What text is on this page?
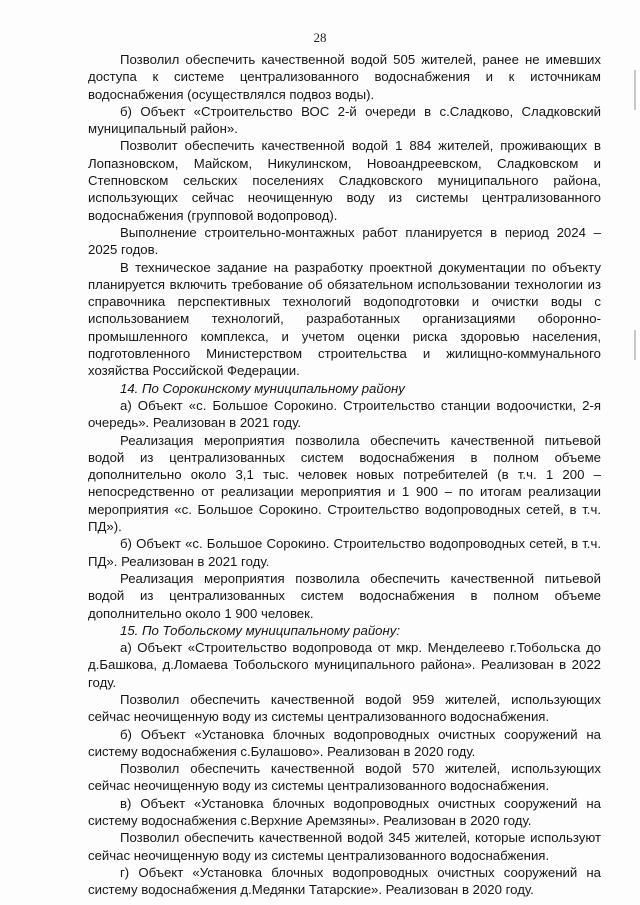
28

Позволил обеспечить качественной водой 505 жителей, ранее не имевших доступа к системе централизованного водоснабжения и к источникам водоснабжения (осуществлялся подвоз воды).

б) Объект «Строительство ВОС 2-й очереди в с.Сладково, Сладковский муниципальный район».

Позволит обеспечить качественной водой 1 884 жителей, проживающих в Лопазновском, Майском, Никулинском, Новоандреевском, Сладковском и Степновском сельских поселениях Сладковского муниципального района, использующих сейчас неочищенную воду из системы централизованного водоснабжения (групповой водопровод).

Выполнение строительно-монтажных работ планируется в период 2024 – 2025 годов.

В техническое задание на разработку проектной документации по объекту планируется включить требование об обязательном использовании технологии из справочника перспективных технологий водоподготовки и очистки воды с использованием технологий, разработанных организациями оборонно-промышленного комплекса, и учетом оценки риска здоровью населения, подготовленного Министерством строительства и жилищно-коммунального хозяйства Российской Федерации.

14. По Сорокинскому муниципальному району

а) Объект «с. Большое Сорокино. Строительство станции водоочистки, 2-я очередь». Реализован в 2021 году.

Реализация мероприятия позволила обеспечить качественной питьевой водой из централизованных систем водоснабжения в полном объеме дополнительно около 3,1 тыс. человек новых потребителей (в т.ч. 1 200 – непосредственно от реализации мероприятия и 1 900 – по итогам реализации мероприятия «с. Большое Сорокино. Строительство водопроводных сетей, в т.ч. ПД»).

б) Объект «с. Большое Сорокино. Строительство водопроводных сетей, в т.ч. ПД». Реализован в 2021 году.

Реализация мероприятия позволила обеспечить качественной питьевой водой из централизованных систем водоснабжения в полном объеме дополнительно около 1 900 человек.

15. По Тобольскому муниципальному району:

а) Объект «Строительство водопровода от мкр. Менделеево г.Тобольска до д.Башкова, д.Ломаева Тобольского муниципального района». Реализован в 2022 году.

Позволил обеспечить качественной водой 959 жителей, использующих сейчас неочищенную воду из системы централизованного водоснабжения.

б) Объект «Установка блочных водопроводных очистных сооружений на систему водоснабжения с.Булашово». Реализован в 2020 году.

Позволил обеспечить качественной водой 570 жителей, использующих сейчас неочищенную воду из системы централизованного водоснабжения.

в) Объект «Установка блочных водопроводных очистных сооружений на систему водоснабжения с.Верхние Аремзяны». Реализован в 2020 году.

Позволил обеспечить качественной водой 345 жителей, которые используют сейчас неочищенную воду из системы централизованного водоснабжения.

г) Объект «Установка блочных водопроводных очистных сооружений на систему водоснабжения д.Медянки Татарские». Реализован в 2020 году.
